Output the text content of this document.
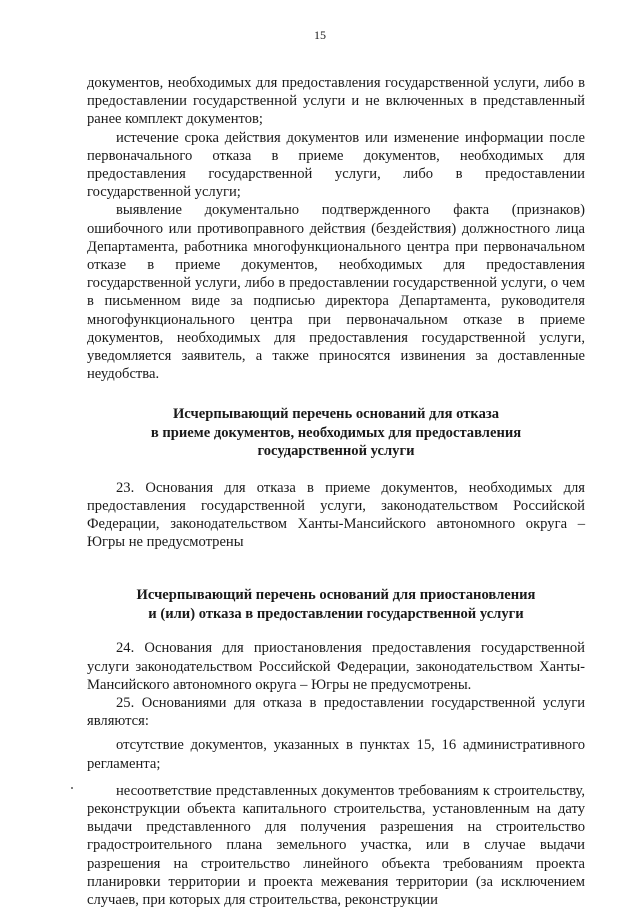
15

документов, необходимых для предоставления государственной услуги, либо в предоставлении государственной услуги и не включенных в представленный ранее комплект документов;

истечение срока действия документов или изменение информации после первоначального отказа в приеме документов, необходимых для предоставления государственной услуги, либо в предоставлении государственной услуги;

выявление документально подтвержденного факта (признаков) ошибочного или противоправного действия (бездействия) должностного лица Департамента, работника многофункционального центра при первоначальном отказе в приеме документов, необходимых для предоставления государственной услуги, либо в предоставлении государственной услуги, о чем в письменном виде за подписью директора Департамента, руководителя многофункционального центра при первоначальном отказе в приеме документов, необходимых для предоставления государственной услуги, уведомляется заявитель, а также приносятся извинения за доставленные неудобства.

Исчерпывающий перечень оснований для отказа
в приеме документов, необходимых для предоставления
государственной услуги

23. Основания для отказа в приеме документов, необходимых для предоставления государственной услуги, законодательством Российской Федерации, законодательством Ханты-Мансийского автономного округа – Югры не предусмотрены

Исчерпывающий перечень оснований для приостановления
и (или) отказа в предоставлении государственной услуги

24. Основания для приостановления предоставления государственной услуги законодательством Российской Федерации, законодательством Ханты-Мансийского автономного округа – Югры не предусмотрены.

25. Основаниями для отказа в предоставлении государственной услуги являются:

отсутствие документов, указанных в пунктах 15, 16 административного регламента;

несоответствие представленных документов требованиям к строительству, реконструкции объекта капитального строительства, установленным на дату выдачи представленного для получения разрешения на строительство градостроительного плана земельного участка, или в случае выдачи разрешения на строительство линейного объекта требованиям проекта планировки территории и проекта межевания территории (за исключением случаев, при которых для строительства, реконструкции
